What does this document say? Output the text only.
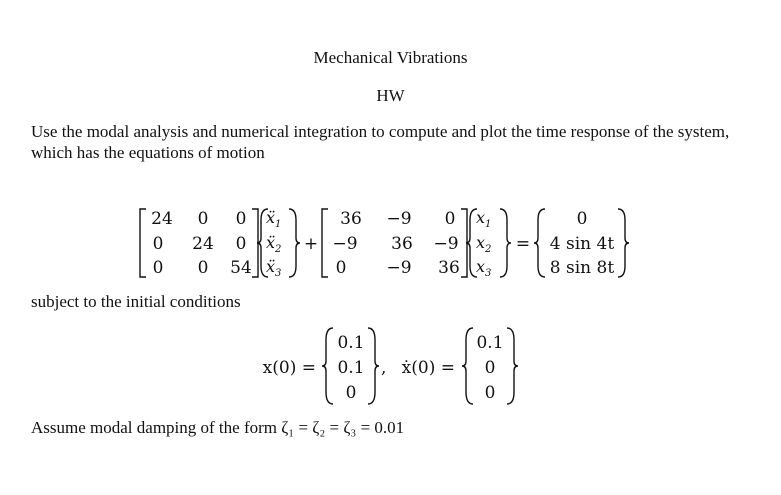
Mechanical Vibrations
HW
Use the modal analysis and numerical integration to compute and plot the time response of the system, which has the equations of motion
24 0 0
0 24 0
0 0 54
ẍ$_1$
ẍ$_2$
ẍ$_3$
+
36 −9 0
−9 36 −9
0 −9 36
$x_1$
$x_2$
$x_3$
=
0
4 sin 4t
8 sin 8t
x(0) =
0.1
0.1
0
, ẋ(0) =
0.1
0
0
subject to the initial conditions
Assume modal damping of the form ζ₁ = ζ₂ = ζ₃ = 0.01
